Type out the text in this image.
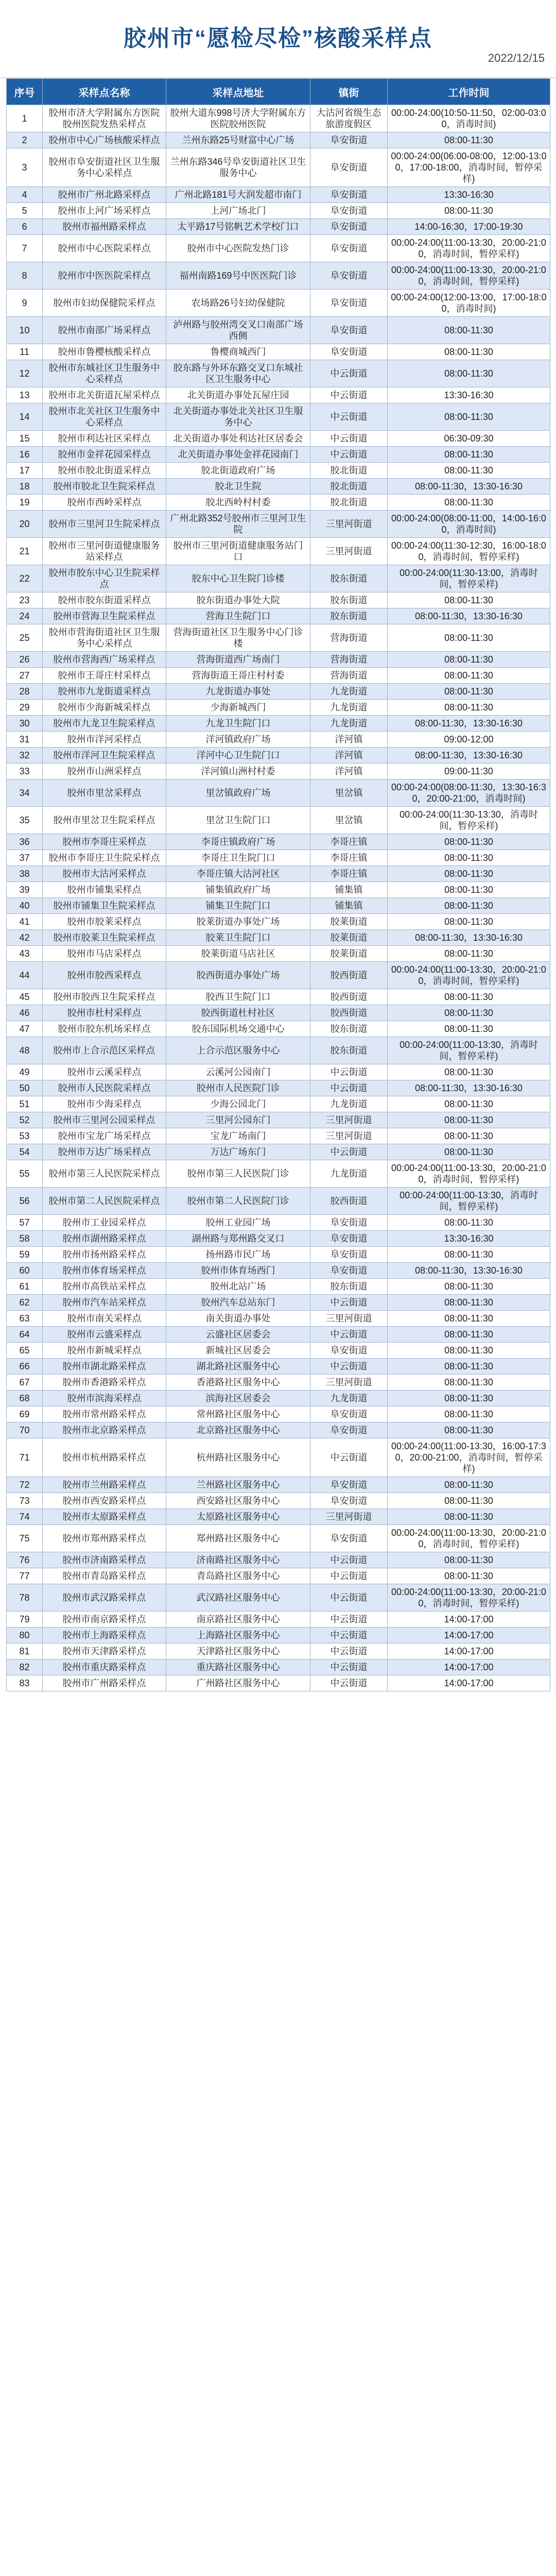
胶州市“愿检尽检”核酸采样点
2022/12/15
序号	采样点名称	采样点地址	镇街	工作时间
1	胶州市济大学附属东方医院胶州医院发热采样点	胶州大道东998号济大学附属东方医院胶州医院	大沽河省级生态旅游度假区	00:00-24:00(10:50-11:50，02:00-03:00，消毒时间)
2	胶州市中心广场核酸采样点	兰州东路25号财富中心广场	阜安街道	08:00-11:30
3	胶州市阜安街道社区卫生服务中心采样点	兰州东路346号阜安街道社区卫生服务中心	阜安街道	00:00-24:00(06:00-08:00，12:00-13:00，17:00-18:00，消毒时间，暂停采样)
4	胶州市广州北路采样点	广州北路181号大润发超市南门	阜安街道	13:30-16:30
5	胶州市上河广场采样点	上河广场北门	阜安街道	08:00-11:30
6	胶州市福州路采样点	太平路17号铭帆艺术学校门口	阜安街道	14:00-16:30，17:00-19:30
7	胶州市中心医院采样点	胶州市中心医院发热门诊	阜安街道	00:00-24:00(11:00-13:30，20:00-21:00，消毒时间，暂停采样)
8	胶州市中医医院采样点	福州南路169号中医医院门诊	阜安街道	00:00-24:00(11:00-13:30，20:00-21:00，消毒时间，暂停采样)
9	胶州市妇幼保健院采样点	农场路26号妇幼保健院	阜安街道	00:00-24:00(12:00-13:00，17:00-18:00，消毒时间)
10	胶州市南部广场采样点	泸州路与胶州湾交叉口南部广场西侧	阜安街道	08:00-11:30
11	胶州市鲁樱核酸采样点	鲁樱商城西门	阜安街道	08:00-11:30
12	胶州市东城社区卫生服务中心采样点	胶东路与外环东路交叉口东城社区卫生服务中心	中云街道	08:00-11:30
13	胶州市北关街道瓦屋采样点	北关街道办事处瓦屋庄园	中云街道	13:30-16:30
14	胶州市北关社区卫生服务中心采样点	北关街道办事处北关社区卫生服务中心	中云街道	08:00-11:30
15	胶州市利达社区采样点	北关街道办事处利达社区居委会	中云街道	06:30-09:30
16	胶州市金祥花园采样点	北关街道办事处金祥花园南门	中云街道	08:00-11:30
17	胶州市胶北街道采样点	胶北街道政府广场	胶北街道	08:00-11:30
18	胶州市胶北卫生院采样点	胶北卫生院	胶北街道	08:00-11:30，13:30-16:30
19	胶州市西岭采样点	胶北西岭村村委	胶北街道	08:00-11:30
20	胶州市三里河卫生院采样点	广州北路352号胶州市三里河卫生院	三里河街道	00:00-24:00(08:00-11:00，14:00-16:00，消毒时间)
21	胶州市三里河街道健康服务站采样点	胶州市三里河街道健康服务站门口	三里河街道	00:00-24:00(11:30-12:30，16:00-18:00，消毒时间，暂停采样)
22	胶州市胶东中心卫生院采样点	胶东中心卫生院门诊楼	胶东街道	00:00-24:00(11:30-13:00，消毒时间，暂停采样)
23	胶州市胶东街道采样点	胶东街道办事处大院	胶东街道	08:00-11:30
24	胶州市营海卫生院采样点	营海卫生院门口	胶东街道	08:00-11:30，13:30-16:30
25	胶州市营海街道社区卫生服务中心采样点	营海街道社区卫生服务中心门诊楼	营海街道	08:00-11:30
26	胶州市营海西广场采样点	营海街道西广场南门	营海街道	08:00-11:30
27	胶州市王哥庄村采样点	营海街道王哥庄村村委	营海街道	08:00-11:30
28	胶州市九龙街道采样点	九龙街道办事处	九龙街道	08:00-11:30
29	胶州市少海新城采样点	少海新城西门	九龙街道	08:00-11:30
30	胶州市九龙卫生院采样点	九龙卫生院门口	九龙街道	08:00-11:30，13:30-16:30
31	胶州市洋河采样点	洋河镇政府广场	洋河镇	09:00-12:00
32	胶州市洋河卫生院采样点	洋河中心卫生院门口	洋河镇	08:00-11:30，13:30-16:30
33	胶州市山洲采样点	洋河镇山洲村村委	洋河镇	09:00-11:30
34	胶州市里岔采样点	里岔镇政府广场	里岔镇	00:00-24:00(08:00-11:30，13:30-16:30，20:00-21:00，消毒时间)
35	胶州市里岔卫生院采样点	里岔卫生院门口	里岔镇	00:00-24:00(11:30-13:30，消毒时间，暂停采样)
36	胶州市李哥庄采样点	李哥庄镇政府广场	李哥庄镇	08:00-11:30
37	胶州市李哥庄卫生院采样点	李哥庄卫生院门口	李哥庄镇	08:00-11:30
38	胶州市大沽河采样点	李哥庄镇大沽河社区	李哥庄镇	08:00-11:30
39	胶州市铺集采样点	铺集镇政府广场	铺集镇	08:00-11:30
40	胶州市铺集卫生院采样点	铺集卫生院门口	铺集镇	08:00-11:30
41	胶州市胶莱采样点	胶莱街道办事处广场	胶莱街道	08:00-11:30
42	胶州市胶莱卫生院采样点	胶莱卫生院门口	胶莱街道	08:00-11:30，13:30-16:30
43	胶州市马店采样点	胶莱街道马店社区	胶莱街道	08:00-11:30
44	胶州市胶西采样点	胶西街道办事处广场	胶西街道	00:00-24:00(11:00-13:30，20:00-21:00，消毒时间，暂停采样)
45	胶州市胶西卫生院采样点	胶西卫生院门口	胶西街道	08:00-11:30
46	胶州市杜村采样点	胶西街道杜村社区	胶西街道	08:00-11:30
47	胶州市胶东机场采样点	胶东国际机场交通中心	胶东街道	08:00-11:30
48	胶州市上合示范区采样点	上合示范区服务中心	胶东街道	00:00-24:00(11:00-13:30，消毒时间，暂停采样)
49	胶州市云溪采样点	云溪河公园南门	中云街道	08:00-11:30
50	胶州市人民医院采样点	胶州市人民医院门诊	中云街道	08:00-11:30，13:30-16:30
51	胶州市少海采样点	少海公园北门	九龙街道	08:00-11:30
52	胶州市三里河公园采样点	三里河公园东门	三里河街道	08:00-11:30
53	胶州市宝龙广场采样点	宝龙广场南门	三里河街道	08:00-11:30
54	胶州市万达广场采样点	万达广场东门	中云街道	08:00-11:30
55	胶州市第三人民医院采样点	胶州市第三人民医院门诊	九龙街道	00:00-24:00(11:00-13:30，20:00-21:00，消毒时间，暂停采样)
56	胶州市第二人民医院采样点	胶州市第二人民医院门诊	胶西街道	00:00-24:00(11:00-13:30，消毒时间，暂停采样)
57	胶州市工业园采样点	胶州工业园广场	阜安街道	08:00-11:30
58	胶州市湖州路采样点	湖州路与郑州路交叉口	阜安街道	13:30-16:30
59	胶州市扬州路采样点	扬州路市民广场	阜安街道	08:00-11:30
60	胶州市体育场采样点	胶州市体育场西门	阜安街道	08:00-11:30，13:30-16:30
61	胶州市高铁站采样点	胶州北站广场	胶东街道	08:00-11:30
62	胶州市汽车站采样点	胶州汽车总站东门	中云街道	08:00-11:30
63	胶州市南关采样点	南关街道办事处	三里河街道	08:00-11:30
64	胶州市云盛采样点	云盛社区居委会	中云街道	08:00-11:30
65	胶州市新城采样点	新城社区居委会	阜安街道	08:00-11:30
66	胶州市湖北路采样点	湖北路社区服务中心	中云街道	08:00-11:30
67	胶州市香港路采样点	香港路社区服务中心	三里河街道	08:00-11:30
68	胶州市滨海采样点	滨海社区居委会	九龙街道	08:00-11:30
69	胶州市常州路采样点	常州路社区服务中心	阜安街道	08:00-11:30
70	胶州市北京路采样点	北京路社区服务中心	阜安街道	08:00-11:30
71	胶州市杭州路采样点	杭州路社区服务中心	中云街道	00:00-24:00(11:00-13:30，16:00-17:30，20:00-21:00，消毒时间，暂停采样)
72	胶州市兰州路采样点	兰州路社区服务中心	阜安街道	08:00-11:30
73	胶州市西安路采样点	西安路社区服务中心	阜安街道	08:00-11:30
74	胶州市太原路采样点	太原路社区服务中心	三里河街道	08:00-11:30
75	胶州市郑州路采样点	郑州路社区服务中心	阜安街道	00:00-24:00(11:00-13:30，20:00-21:00，消毒时间，暂停采样)
76	胶州市济南路采样点	济南路社区服务中心	中云街道	08:00-11:30
77	胶州市青岛路采样点	青岛路社区服务中心	中云街道	08:00-11:30
78	胶州市武汉路采样点	武汉路社区服务中心	中云街道	00:00-24:00(11:00-13:30，20:00-21:00，消毒时间，暂停采样)
79	胶州市南京路采样点	南京路社区服务中心	中云街道	14:00-17:00
80	胶州市上海路采样点	上海路社区服务中心	中云街道	14:00-17:00
81	胶州市天津路采样点	天津路社区服务中心	中云街道	14:00-17:00
82	胶州市重庆路采样点	重庆路社区服务中心	中云街道	14:00-17:00
83	胶州市广州路采样点	广州路社区服务中心	中云街道	14:00-17:00
